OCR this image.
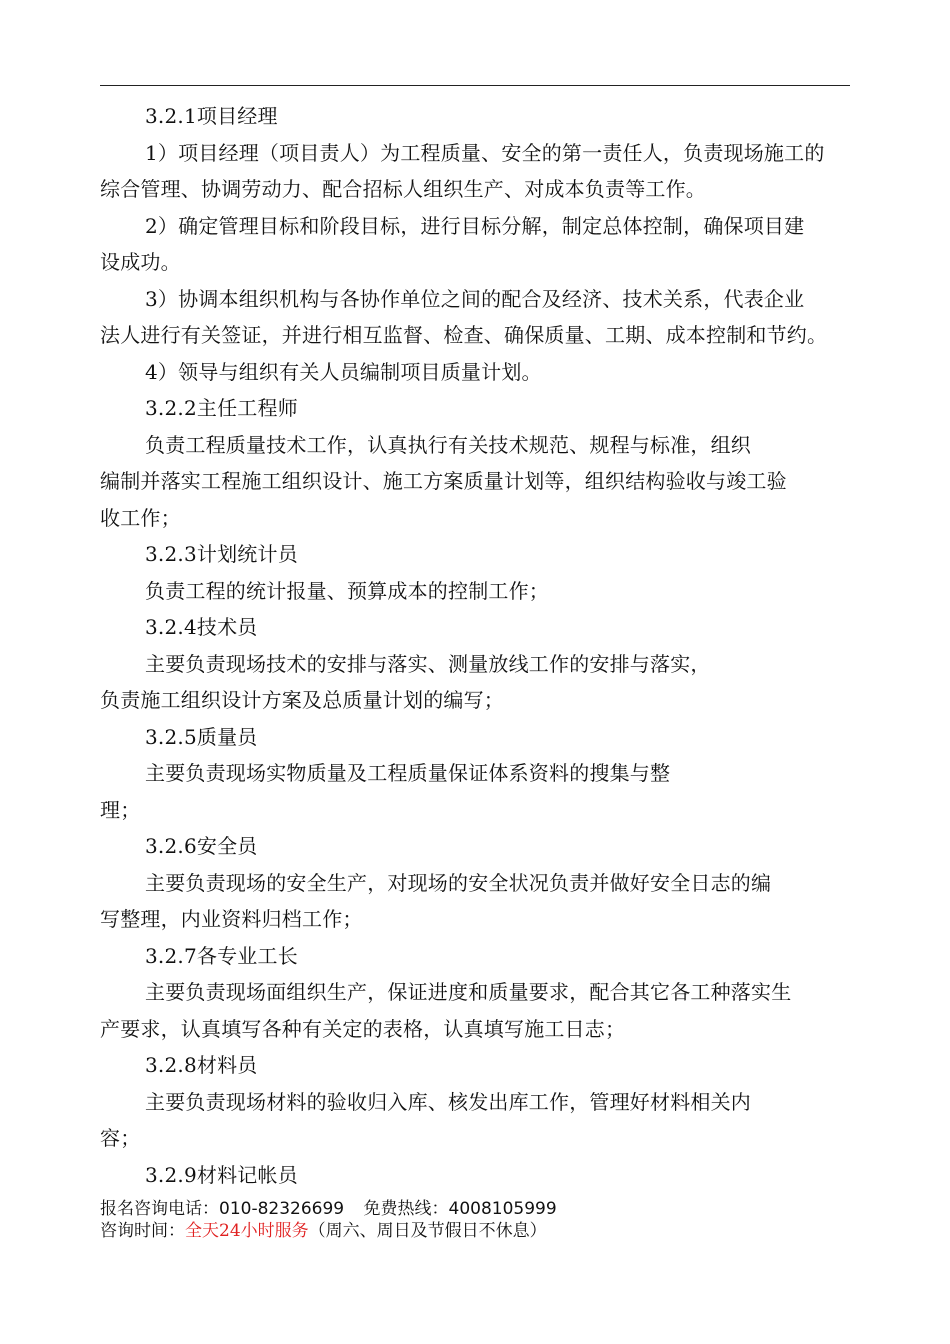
3.2.1项目经理
1）项目经理（项目责人）为工程质量、安全的第一责任人，负责现场施工的
综合管理、协调劳动力、配合招标人组织生产、对成本负责等工作。
2）确定管理目标和阶段目标，进行目标分解，制定总体控制，确保项目建
设成功。
3）协调本组织机构与各协作单位之间的配合及经济、技术关系，代表企业
法人进行有关签证，并进行相互监督、检查、确保质量、工期、成本控制和节约。
4）领导与组织有关人员编制项目质量计划。
3.2.2主任工程师
负责工程质量技术工作，认真执行有关技术规范、规程与标准，组织
编制并落实工程施工组织设计、施工方案质量计划等，组织结构验收与竣工验
收工作；
3.2.3计划统计员
负责工程的统计报量、预算成本的控制工作；
3.2.4技术员
主要负责现场技术的安排与落实、测量放线工作的安排与落实，
负责施工组织设计方案及总质量计划的编写；
3.2.5质量员
主要负责现场实物质量及工程质量保证体系资料的搜集与整
理；
3.2.6安全员
主要负责现场的安全生产，对现场的安全状况负责并做好安全日志的编
写整理，内业资料归档工作；
3.2.7各专业工长
主要负责现场面组织生产，保证进度和质量要求，配合其它各工种落实生
产要求，认真填写各种有关定的表格，认真填写施工日志；
3.2.8材料员
主要负责现场材料的验收归入库、核发出库工作，管理好材料相关内
容；
3.2.9材料记帐员
报名咨询电话：010-82326699 免费热线：4008105999
咨询时间：全天24小时服务（周六、周日及节假日不休息）
